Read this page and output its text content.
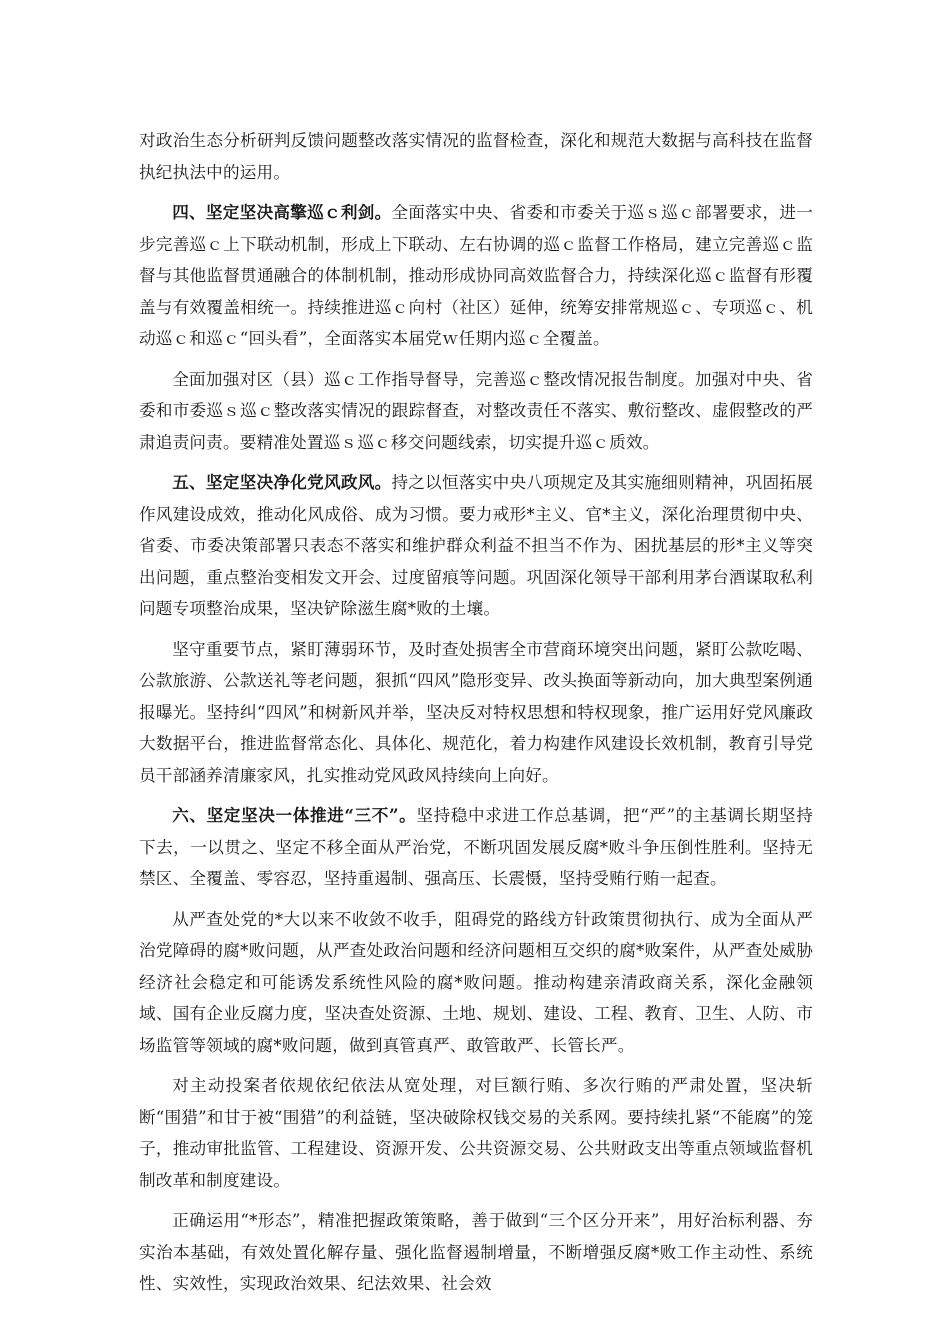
对政治生态分析研判反馈问题整改落实情况的监督检查，深化和规范大数据与高科技在监督执纪执法中的运用。

四、坚定坚决高擎巡ｃ利剑。全面落实中央、省委和市委关于巡ｓ巡ｃ部署要求，进一步完善巡ｃ上下联动机制，形成上下联动、左右协调的巡ｃ监督工作格局，建立完善巡ｃ监督与其他监督贯通融合的体制机制，推动形成协同高效监督合力，持续深化巡ｃ监督有形覆盖与有效覆盖相统一。持续推进巡ｃ向村（社区）延伸，统筹安排常规巡ｃ、专项巡ｃ、机动巡ｃ和巡ｃ“回头看”，全面落实本届党ｗ任期内巡ｃ全覆盖。

全面加强对区（县）巡ｃ工作指导督导，完善巡ｃ整改情况报告制度。加强对中央、省委和市委巡ｓ巡ｃ整改落实情况的跟踪督查，对整改责任不落实、敷衍整改、虚假整改的严肃追责问责。要精准处置巡ｓ巡ｃ移交问题线索，切实提升巡ｃ质效。

五、坚定坚决净化党风政风。持之以恒落实中央八项规定及其实施细则精神，巩固拓展作风建设成效，推动化风成俗、成为习惯。要力戒形*主义、官*主义，深化治理贯彻中央、省委、市委决策部署只表态不落实和维护群众利益不担当不作为、困扰基层的形*主义等突出问题，重点整治变相发文开会、过度留痕等问题。巩固深化领导干部利用茅台酒谋取私利问题专项整治成果，坚决铲除滋生腐*败的土壤。

坚守重要节点，紧盯薄弱环节，及时查处损害全市营商环境突出问题，紧盯公款吃喝、公款旅游、公款送礼等老问题，狠抓“四风”隐形变异、改头换面等新动向，加大典型案例通报曝光。坚持纠“四风”和树新风并举，坚决反对特权思想和特权现象，推广运用好党风廉政大数据平台，推进监督常态化、具体化、规范化，着力构建作风建设长效机制，教育引导党员干部涵养清廉家风，扎实推动党风政风持续向上向好。

六、坚定坚决一体推进“三不”。坚持稳中求进工作总基调，把“严”的主基调长期坚持下去，一以贯之、坚定不移全面从严治党，不断巩固发展反腐*败斗争压倒性胜利。坚持无禁区、全覆盖、零容忍，坚持重遏制、强高压、长震慑，坚持受贿行贿一起查。

从严查处党的*大以来不收敛不收手，阻碍党的路线方针政策贯彻执行、成为全面从严治党障碍的腐*败问题，从严查处政治问题和经济问题相互交织的腐*败案件，从严查处威胁经济社会稳定和可能诱发系统性风险的腐*败问题。推动构建亲清政商关系，深化金融领域、国有企业反腐力度，坚决查处资源、土地、规划、建设、工程、教育、卫生、人防、市场监管等领域的腐*败问题，做到真管真严、敢管敢严、长管长严。

对主动投案者依规依纪依法从宽处理，对巨额行贿、多次行贿的严肃处置，坚决斩断“围猎”和甘于被“围猎”的利益链，坚决破除权钱交易的关系网。要持续扎紧“不能腐”的笼子，推动审批监管、工程建设、资源开发、公共资源交易、公共财政支出等重点领域监督机制改革和制度建设。

正确运用“*形态”，精准把握政策策略，善于做到“三个区分开来”，用好治标利器、夯实治本基础，有效处置化解存量、强化监督遏制增量，不断增强反腐*败工作主动性、系统性、实效性，实现政治效果、纪法效果、社会效
